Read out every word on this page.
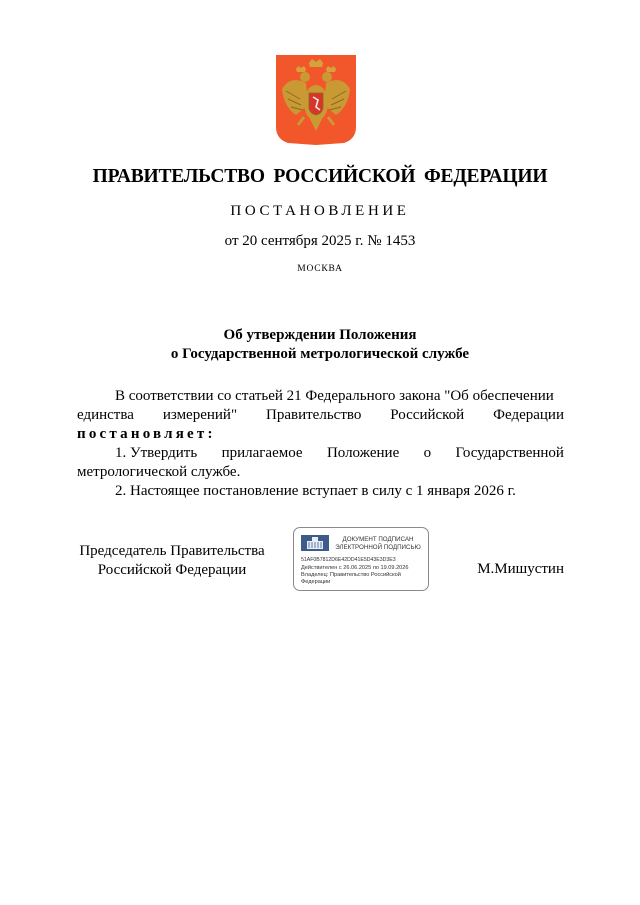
ПРАВИТЕЛЬСТВО РОССИЙСКОЙ ФЕДЕРАЦИИ
ПОСТАНОВЛЕНИЕ
от 20 сентября 2025 г. № 1453
МОСКВА
Об утверждении Положения
о Государственной метрологической службе
В соответствии со статьей 21 Федерального закона "Об обеспечении
единства измерений" Правительство Российской Федерации
постановляет:
1. Утвердить прилагаемое Положение о Государственной
метрологической службе.
2. Настоящее постановление вступает в силу с 1 января 2026 г.
Председатель Правительства
Российской Федерации
ДОКУМЕНТ ПОДПИСАН
ЭЛЕКТРОННОЙ ПОДПИСЬЮ
51AF0B7812D6E42DD41E5D43E3D3E3
Действителен с 26.06.2025 по 19.09.2026
Владелец: Правительство Российской
Федерации
М.Мишустин
